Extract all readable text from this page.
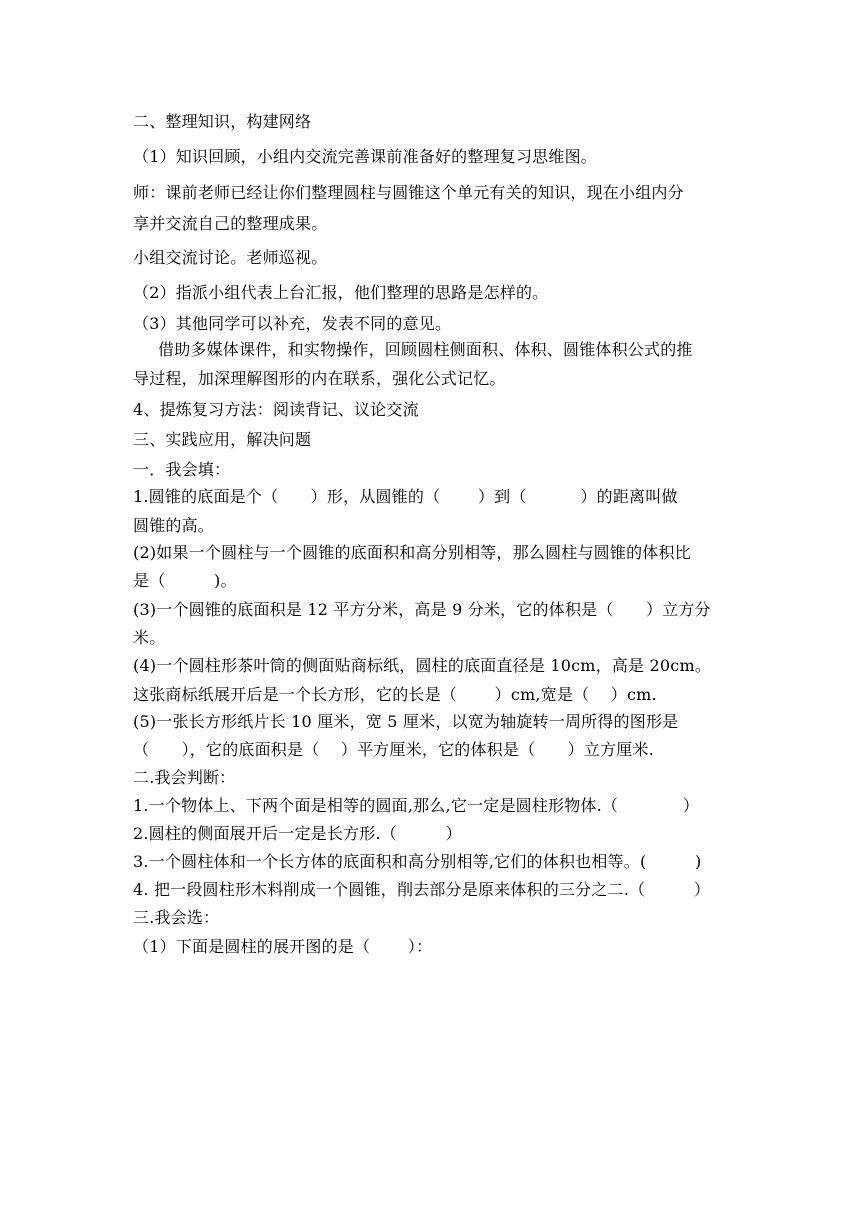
二、整理知识，构建网络
（1）知识回顾，小组内交流完善课前准备好的整理复习思维图。
师：课前老师已经让你们整理圆柱与圆锥这个单元有关的知识，现在小组内分
享并交流自己的整理成果。
小组交流讨论。老师巡视。
（2）指派小组代表上台汇报，他们整理的思路是怎样的。
（3）其他同学可以补充，发表不同的意见。
借助多媒体课件，和实物操作，回顾圆柱侧面积、体积、圆锥体积公式的推
导过程，加深理解图形的内在联系，强化公式记忆。
4、提炼复习方法：阅读背记、议论交流
三、实践应用，解决问题
一．我会填：
1.圆锥的底面是个（　　）形，从圆锥的（　　 ）到（　　　 ）的距离叫做
圆锥的高。
(2)如果一个圆柱与一个圆锥的底面积和高分别相等，那么圆柱与圆锥的体积比
是（　　　)。
(3)一个圆锥的底面积是 12 平方分米，高是 9 分米，它的体积是（　　）立方分
米。
(4)一个圆柱形茶叶筒的侧面贴商标纸，圆柱的底面直径是 10cm，高是 20cm。
这张商标纸展开后是一个长方形，它的长是（　　 ）cm,宽是（　 ）cm.
(5)一张长方形纸片长 10 厘米，宽 5 厘米，以宽为轴旋转一周所得的图形是
（　　），它的底面积是（　 ）平方厘米，它的体积是（　　）立方厘米.
二.我会判断：
1.一个物体上、下两个面是相等的圆面,那么,它一定是圆柱形物体.（　　　　）
2.圆柱的侧面展开后一定是长方形.（　　　）
3.一个圆柱体和一个长方体的底面积和高分别相等,它们的体积也相等。(　　　)
4. 把一段圆柱形木料削成一个圆锥，削去部分是原来体积的三分之二.（　　　）
三.我会选：
（1）下面是圆柱的展开图的是（　　 ）：
